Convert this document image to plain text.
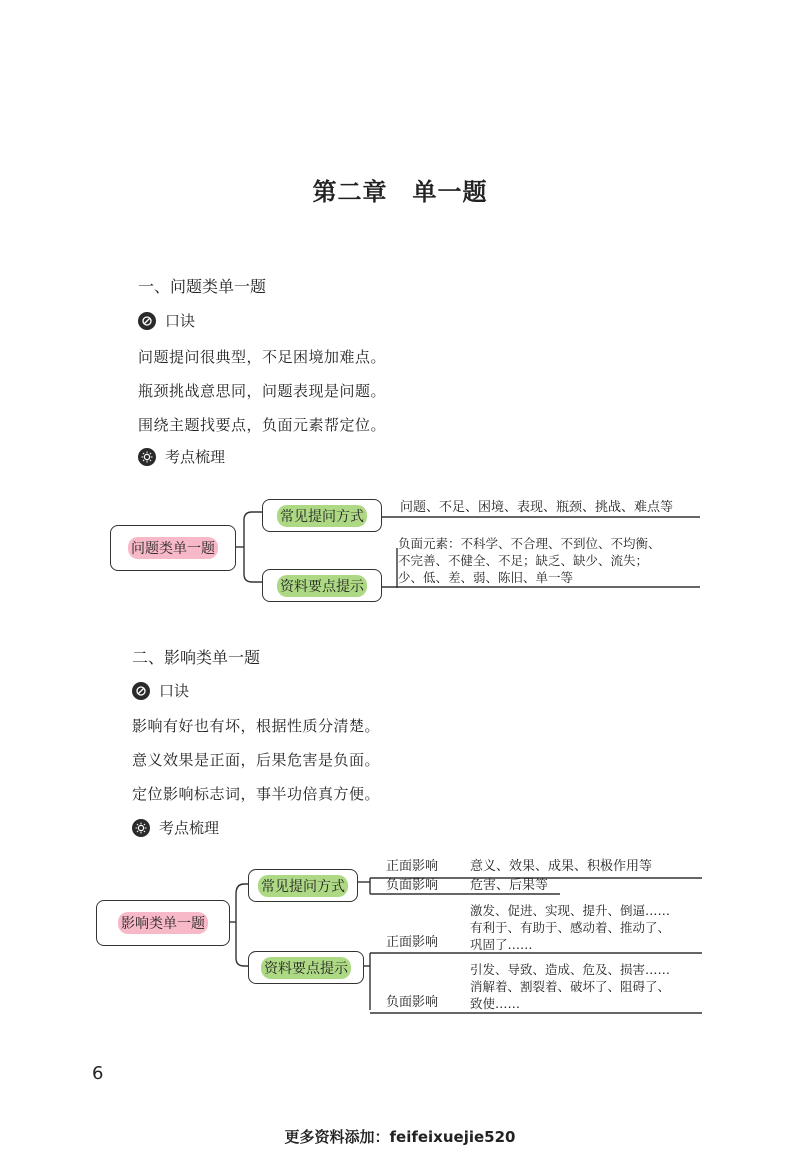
第二章　单一题
一、问题类单一题
口诀
问题提问很典型，不足困境加难点。
瓶颈挑战意思同，问题表现是问题。
围绕主题找要点，负面元素帮定位。
考点梳理
问题类单一题
常见提问方式
资料要点提示
问题、不足、困境、表现、瓶颈、挑战、难点等
负面元素：不科学、不合理、不到位、不均衡、
不完善、不健全、不足；缺乏、缺少、流失；
少、低、差、弱、陈旧、单一等
二、影响类单一题
口诀
影响有好也有坏，根据性质分清楚。
意义效果是正面，后果危害是负面。
定位影响标志词，事半功倍真方便。
考点梳理
影响类单一题
常见提问方式
资料要点提示
正面影响 意义、效果、成果、积极作用等
负面影响 危害、后果等
激发、促进、实现、提升、倒逼……
有利于、有助于、感动着、推动了、
巩固了……
正面影响
引发、导致、造成、危及、损害……
消解着、割裂着、破坏了、阻碍了、
致使……
负面影响
6
更多资料添加：feifeixuejie520
